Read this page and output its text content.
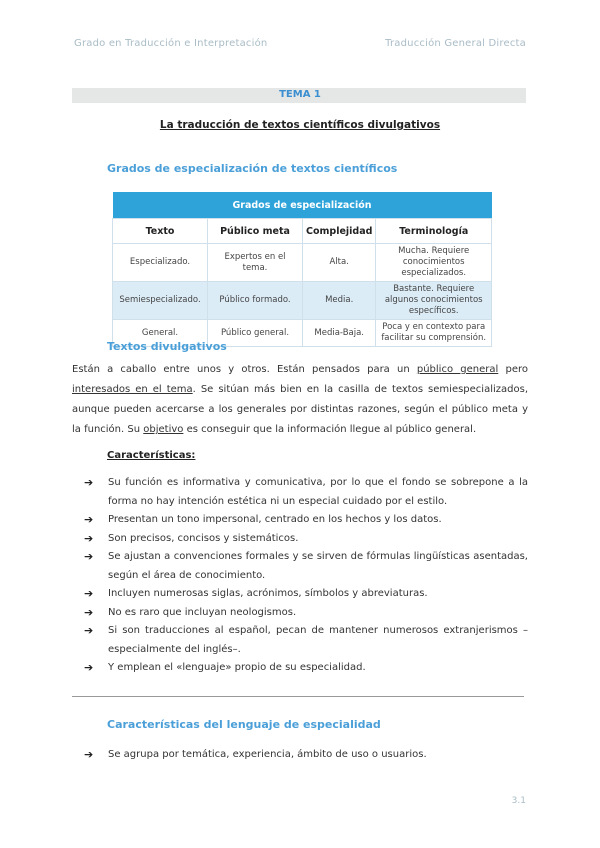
Grado en Traducción e Interpretación	Traducción General Directa
TEMA 1
La traducción de textos científicos divulgativos
Grados de especialización de textos científicos
Grados de especialización			
Texto	Público meta	Complejidad	Terminología
Especializado.	Expertos en el tema.	Alta.	Mucha. Requiere conocimientos especializados.
Semiespecializado.	Público formado.	Media.	Bastante. Requiere algunos conocimientos específicos.
General.	Público general.	Media-Baja.	Poca y en contexto para facilitar su comprensión.
Textos divulgativos
Están a caballo entre unos y otros. Están pensados para un público general pero interesados en el tema. Se sitúan más bien en la casilla de textos semiespecializados, aunque pueden acercarse a los generales por distintas razones, según el público meta y la función. Su objetivo es conseguir que la información llegue al público general.
Características:
➔ Su función es informativa y comunicativa, por lo que el fondo se sobrepone a la forma no hay intención estética ni un especial cuidado por el estilo.
➔ Presentan un tono impersonal, centrado en los hechos y los datos.
➔ Son precisos, concisos y sistemáticos.
➔ Se ajustan a convenciones formales y se sirven de fórmulas lingüísticas asentadas, según el área de conocimiento.
➔ Incluyen numerosas siglas, acrónimos, símbolos y abreviaturas.
➔ No es raro que incluyan neologismos.
➔ Si son traducciones al español, pecan de mantener numerosos extranjerismos –especialmente del inglés–.
➔ Y emplean el «lenguaje» propio de su especialidad.
Características del lenguaje de especialidad
➔ Se agrupa por temática, experiencia, ámbito de uso o usuarios.
3.1
